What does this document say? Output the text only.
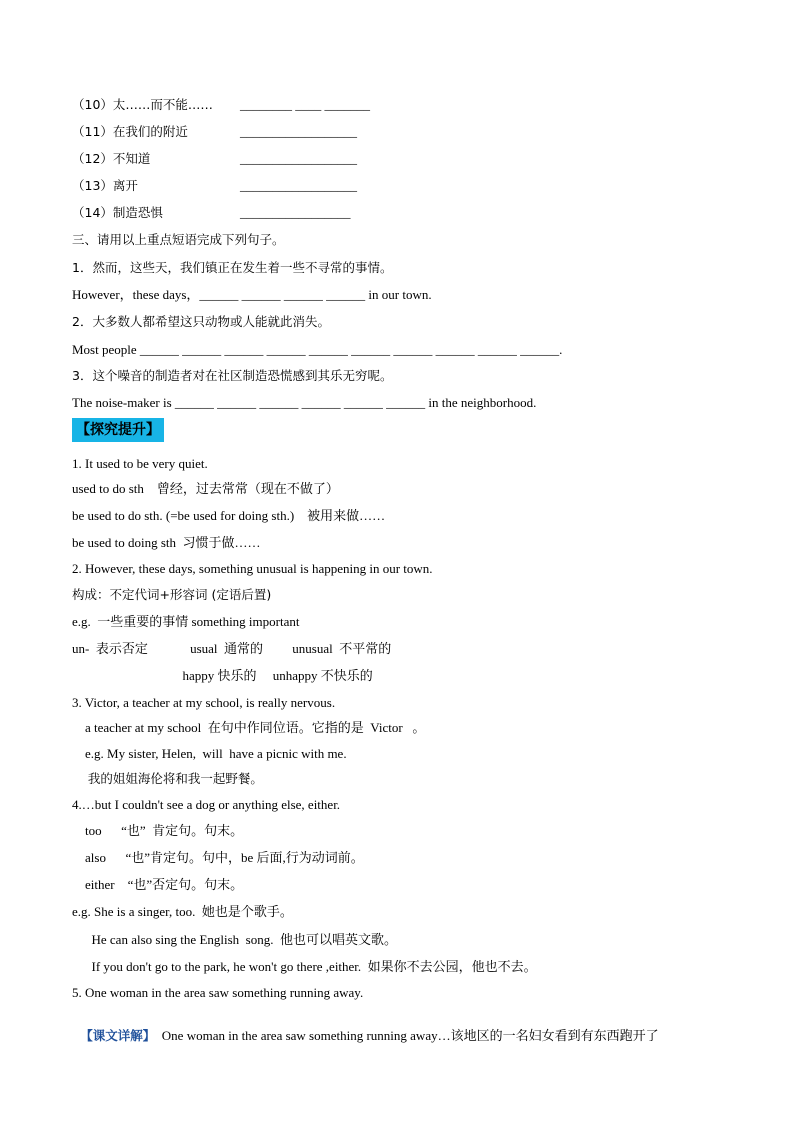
（10）太……而不能…… ________ ____ _______
（11）在我们的附近	__________________
（12）不知道	__________________
（13）离开	__________________
（14）制造恐惧	_________________
三、请用以上重点短语完成下列句子。
1．然而，这些天，我们镇正在发生着一些不寻常的事情。
However，these days，______ ______ ______ ______ in our town.
2．大多数人都希望这只动物或人能就此消失。
Most people ______ ______ ______ ______ ______ ______ ______ ______ ______ ______.
3．这个噪音的制造者对在社区制造恐慌感到其乐无穷呢。
The noise-maker is ______ ______ ______ ______ ______ ______ in the neighborhood.
【探究提升】
1. It used to be very quiet.
used to do sth    曾经，过去常常（现在不做了）
be used to do sth. (=be used for doing sth.)    被用来做……
be used to doing sth  习惯于做……
2. However, these days, something unusual is happening in our town.
构成：不定代词+形容词 (定语后置)
e.g.  一些重要的事情 something important
un-  表示否定             usual  通常的         unusual  不平常的
happy 快乐的     unhappy 不快乐的
3. Victor, a teacher at my school, is really nervous.
a teacher at my school  在句中作同位语。它指的是  Victor   。
e.g. My sister, Helen,  will  have a picnic with me.
我的姐姐海伦将和我一起野餐。
4.…but I couldn't see a dog or anything else, either.
too      “也”  肯定句。句末。
also      “也”肯定句。句中，be 后面,行为动词前。
either    “也”否定句。句末。
e.g. She is a singer, too.  她也是个歌手。
He can also sing the English  song.  他也可以唱英文歌。
If you don't go to the park, he won't go there ,either.  如果你不去公园，他也不去。
5. One woman in the area saw something running away.

【课文详解】  One woman in the area saw something running away…该地区的一名妇女看到有东西跑开了
